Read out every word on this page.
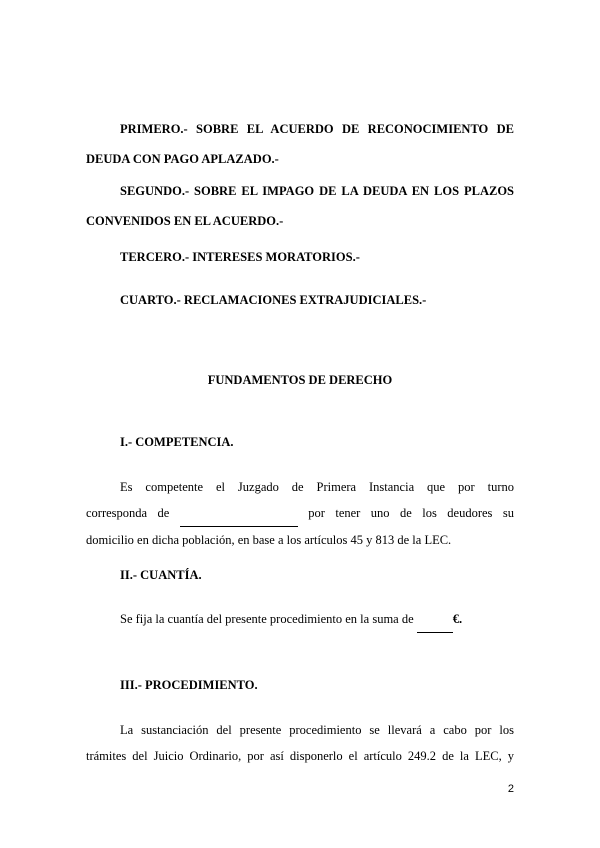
PRIMERO.- SOBRE EL ACUERDO DE RECONOCIMIENTO DE
DEUDA CON PAGO APLAZADO.-
SEGUNDO.- SOBRE EL IMPAGO DE LA DEUDA EN LOS PLAZOS
CONVENIDOS EN EL ACUERDO.-
TERCERO.- INTERESES MORATORIOS.-
CUARTO.- RECLAMACIONES EXTRAJUDICIALES.-
FUNDAMENTOS DE DERECHO
I.- COMPETENCIA.
Es competente el Juzgado de Primera Instancia que por turno
corresponda de	por tener uno de los deudores su
domicilio en dicha población, en base a los artículos 45 y 813 de la LEC.
II.- CUANTÍA.
Se fija la cuantía del presente procedimiento en la suma de	€.
III.- PROCEDIMIENTO.
La sustanciación del presente procedimiento se llevará a cabo por los
trámites del Juicio Ordinario, por así disponerlo el artículo 249.2 de la LEC, y
2
